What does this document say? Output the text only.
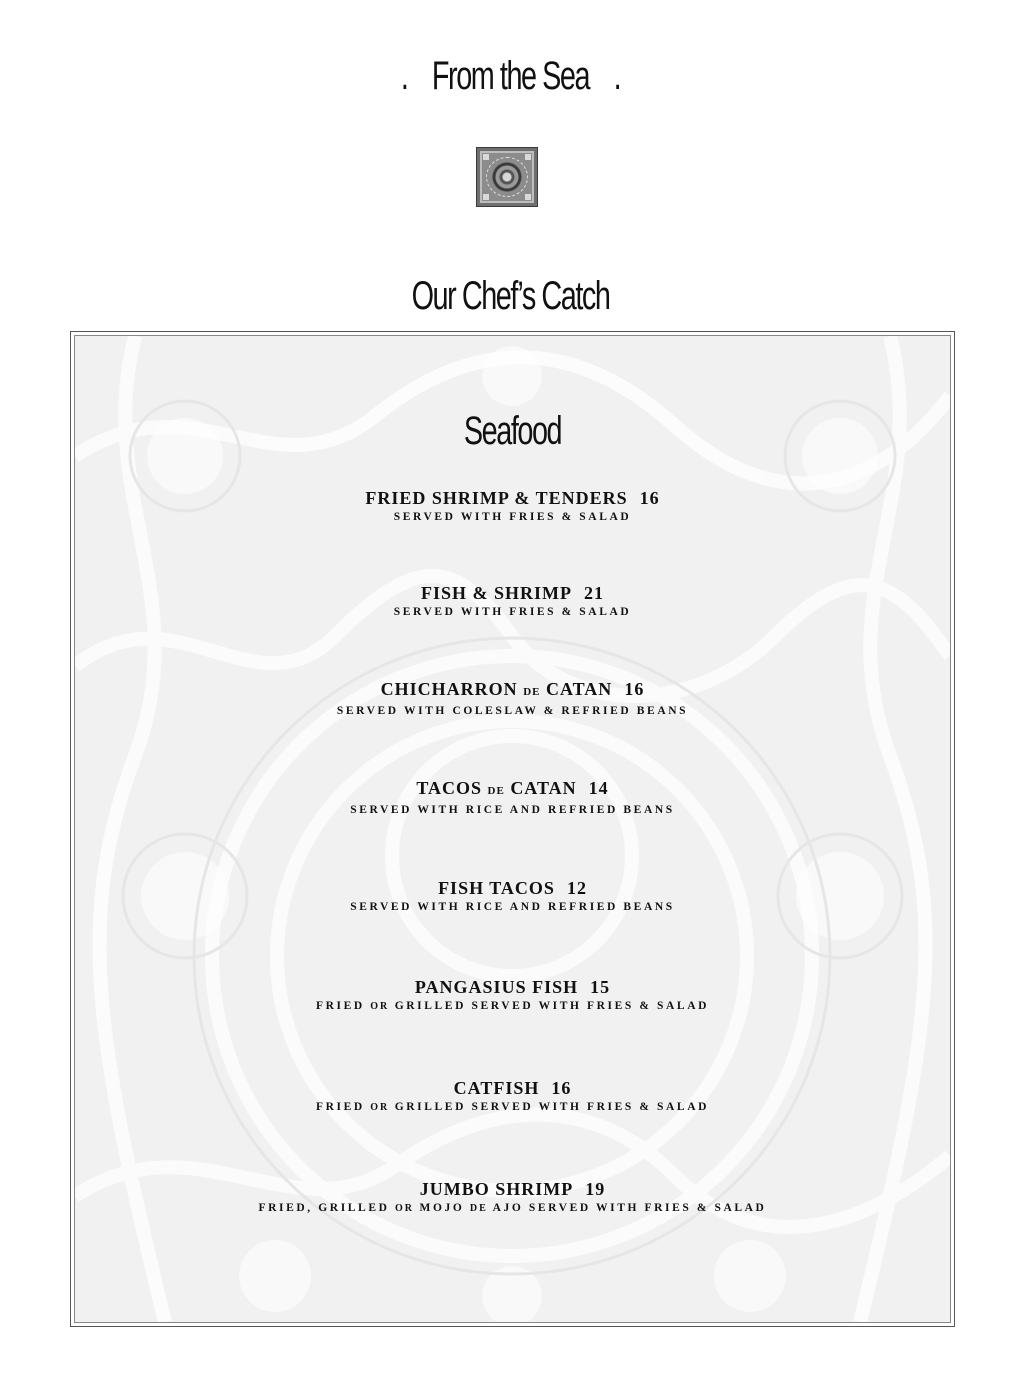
. From the Sea .
Our Chef’s Catch
Seafood
FRIED SHRIMP & TENDERS 16
SERVED WITH FRIES & SALAD
FISH & SHRIMP 21
SERVED WITH FRIES & SALAD
CHICHARRON DE CATAN 16
SERVED WITH COLESLAW & REFRIED BEANS
TACOS DE CATAN 14
SERVED WITH RICE AND REFRIED BEANS
FISH TACOS 12
SERVED WITH RICE AND REFRIED BEANS
PANGASIUS FISH 15
FRIED OR GRILLED SERVED WITH FRIES & SALAD
CATFISH 16
FRIED OR GRILLED SERVED WITH FRIES & SALAD
JUMBO SHRIMP 19
FRIED, GRILLED OR MOJO DE AJO SERVED WITH FRIES & SALAD
